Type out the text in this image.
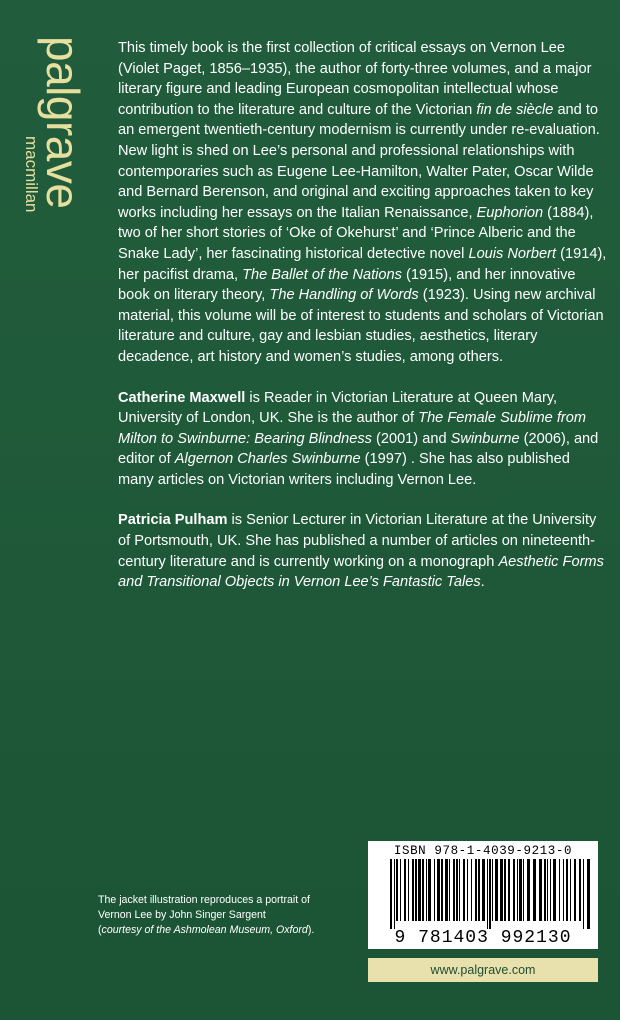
palgrave
macmillan

This timely book is the first collection of critical essays on Vernon Lee (Violet Paget, 1856–1935), the author of forty-three volumes, and a major literary figure and leading European cosmopolitan intellectual whose contribution to the literature and culture of the Victorian fin de siècle and to an emergent twentieth-century modernism is currently under re-evaluation. New light is shed on Lee’s personal and professional relationships with contemporaries such as Eugene Lee-Hamilton, Walter Pater, Oscar Wilde and Bernard Berenson, and original and exciting approaches taken to key works including her essays on the Italian Renaissance, Euphorion (1884), two of her short stories of ‘Oke of Okehurst’ and ‘Prince Alberic and the Snake Lady’, her fascinating historical detective novel Louis Norbert (1914), her pacifist drama, The Ballet of the Nations (1915), and her innovative book on literary theory, The Handling of Words (1923). Using new archival material, this volume will be of interest to students and scholars of Victorian literature and culture, gay and lesbian studies, aesthetics, literary decadence, art history and women’s studies, among others.

Catherine Maxwell is Reader in Victorian Literature at Queen Mary, University of London, UK. She is the author of The Female Sublime from Milton to Swinburne: Bearing Blindness (2001) and Swinburne (2006), and editor of Algernon Charles Swinburne (1997) . She has also published many articles on Victorian writers including Vernon Lee.

Patricia Pulham is Senior Lecturer in Victorian Literature at the University of Portsmouth, UK. She has published a number of articles on nineteenth-century literature and is currently working on a monograph Aesthetic Forms and Transitional Objects in Vernon Lee’s Fantastic Tales.

The jacket illustration reproduces a portrait of Vernon Lee by John Singer Sargent
(courtesy of the Ashmolean Museum, Oxford).
ISBN 978-1-4039-9213-0
9 781403 992130
www.palgrave.com
